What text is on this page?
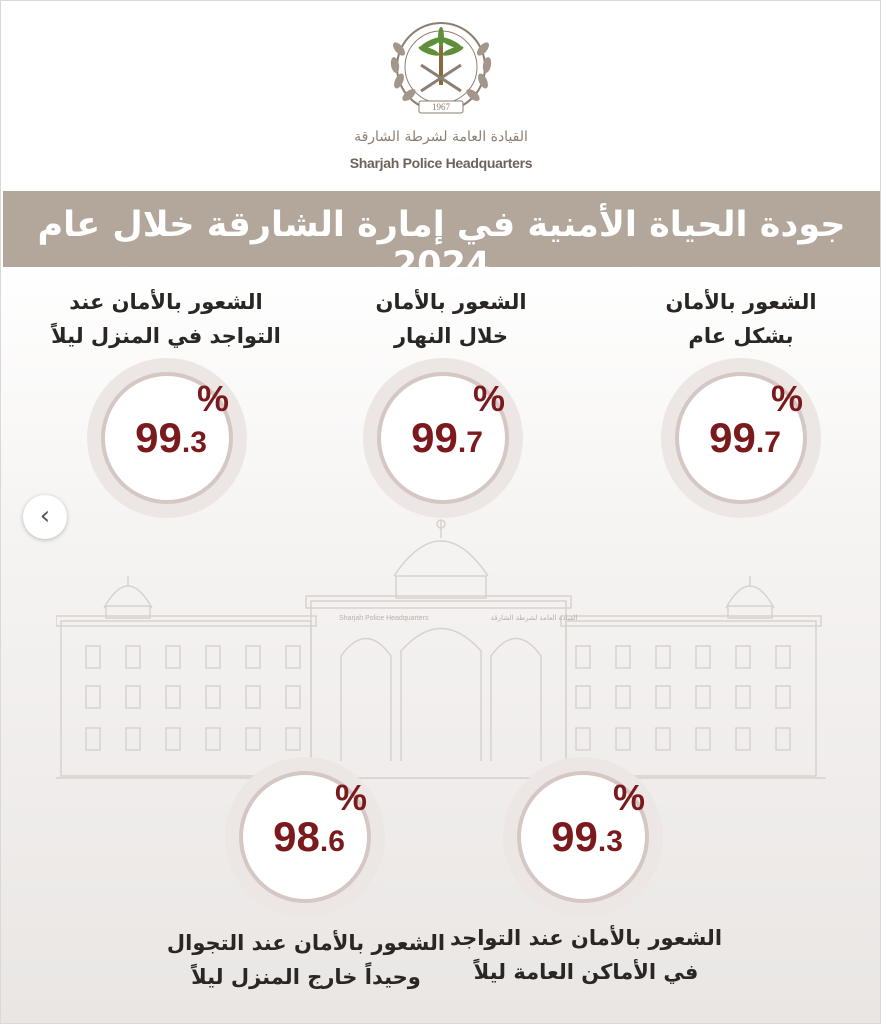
1967
القيادة العامة لشرطة الشارقة
Sharjah Police Headquarters
جودة الحياة الأمنية في إمارة الشارقة خلال عام 2024
Sharjah Police Headquarters	القيادة العامة لشرطة الشارقة
الشعور بالأمان
بشكل عام
99.7
%
الشعور بالأمان
خلال النهار
99.7
%
الشعور بالأمان عند
التواجد في المنزل ليلاً
99.3
%
99.3
%
الشعور بالأمان عند التواجد
في الأماكن العامة ليلاً
98.6
%
الشعور بالأمان عند التجوال
وحيداً خارج المنزل ليلاً
‹
